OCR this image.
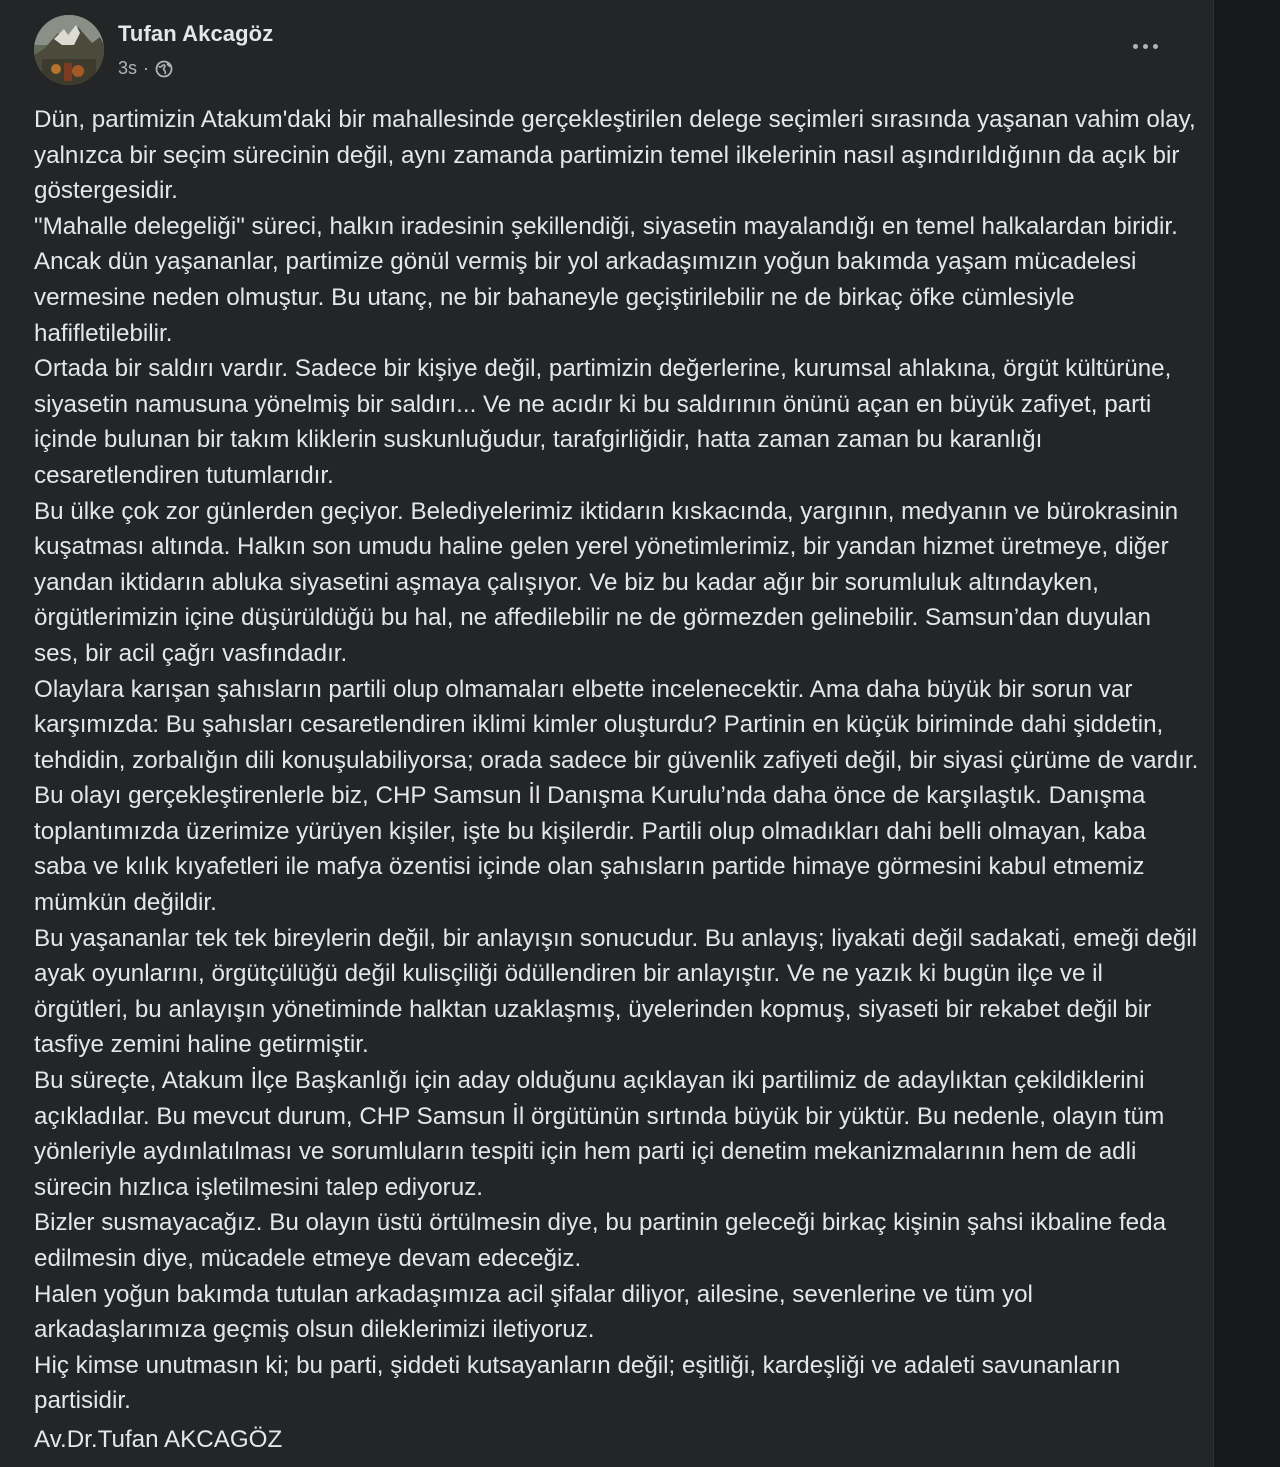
Tufan Akcagöz
3s ·

Dün, partimizin Atakum'daki bir mahallesinde gerçekleştirilen delege seçimleri sırasında yaşanan vahim olay, yalnızca bir seçim sürecinin değil, aynı zamanda partimizin temel ilkelerinin nasıl aşındırıldığının da açık bir göstergesidir.

"Mahalle delegeliği" süreci, halkın iradesinin şekillendiği, siyasetin mayalandığı en temel halkalardan biridir. Ancak dün yaşananlar, partimize gönül vermiş bir yol arkadaşımızın yoğun bakımda yaşam mücadelesi vermesine neden olmuştur. Bu utanç, ne bir bahaneyle geçiştirilebilir ne de birkaç öfke cümlesiyle hafifletilebilir.

Ortada bir saldırı vardır. Sadece bir kişiye değil, partimizin değerlerine, kurumsal ahlakına, örgüt kültürüne, siyasetin namusuna yönelmiş bir saldırı... Ve ne acıdır ki bu saldırının önünü açan en büyük zafiyet, parti içinde bulunan bir takım kliklerin suskunluğudur, tarafgirliğidir, hatta zaman zaman bu karanlığı cesaretlendiren tutumlarıdır.

Bu ülke çok zor günlerden geçiyor. Belediyelerimiz iktidarın kıskacında, yargının, medyanın ve bürokrasinin kuşatması altında. Halkın son umudu haline gelen yerel yönetimlerimiz, bir yandan hizmet üretmeye, diğer yandan iktidarın abluka siyasetini aşmaya çalışıyor. Ve biz bu kadar ağır bir sorumluluk altındayken, örgütlerimizin içine düşürüldüğü bu hal, ne affedilebilir ne de görmezden gelinebilir. Samsun’dan duyulan ses, bir acil çağrı vasfındadır.

Olaylara karışan şahısların partili olup olmamaları elbette incelenecektir. Ama daha büyük bir sorun var karşımızda: Bu şahısları cesaretlendiren iklimi kimler oluşturdu? Partinin en küçük biriminde dahi şiddetin, tehdidin, zorbalığın dili konuşulabiliyorsa; orada sadece bir güvenlik zafiyeti değil, bir siyasi çürüme de vardır. Bu olayı gerçekleştirenlerle biz, CHP Samsun İl Danışma Kurulu’nda daha önce de karşılaştık. Danışma toplantımızda üzerimize yürüyen kişiler, işte bu kişilerdir. Partili olup olmadıkları dahi belli olmayan, kaba saba ve kılık kıyafetleri ile mafya özentisi içinde olan şahısların partide himaye görmesini kabul etmemiz mümkün değildir.

Bu yaşananlar tek tek bireylerin değil, bir anlayışın sonucudur. Bu anlayış; liyakati değil sadakati, emeği değil ayak oyunlarını, örgütçülüğü değil kulisçiliği ödüllendiren bir anlayıştır. Ve ne yazık ki bugün ilçe ve il örgütleri, bu anlayışın yönetiminde halktan uzaklaşmış, üyelerinden kopmuş, siyaseti bir rekabet değil bir tasfiye zemini haline getirmiştir.

Bu süreçte, Atakum İlçe Başkanlığı için aday olduğunu açıklayan iki partilimiz de adaylıktan çekildiklerini açıkladılar. Bu mevcut durum, CHP Samsun İl örgütünün sırtında büyük bir yüktür. Bu nedenle, olayın tüm yönleriyle aydınlatılması ve sorumluların tespiti için hem parti içi denetim mekanizmalarının hem de adli sürecin hızlıca işletilmesini talep ediyoruz.

Bizler susmayacağız. Bu olayın üstü örtülmesin diye, bu partinin geleceği birkaç kişinin şahsi ikbaline feda edilmesin diye, mücadele etmeye devam edeceğiz.

Halen yoğun bakımda tutulan arkadaşımıza acil şifalar diliyor, ailesine, sevenlerine ve tüm yol arkadaşlarımıza geçmiş olsun dileklerimizi iletiyoruz.

Hiç kimse unutmasın ki; bu parti, şiddeti kutsayanların değil; eşitliği, kardeşliği ve adaleti savunanların partisidir.

Av.Dr.Tufan AKCAGÖZ
